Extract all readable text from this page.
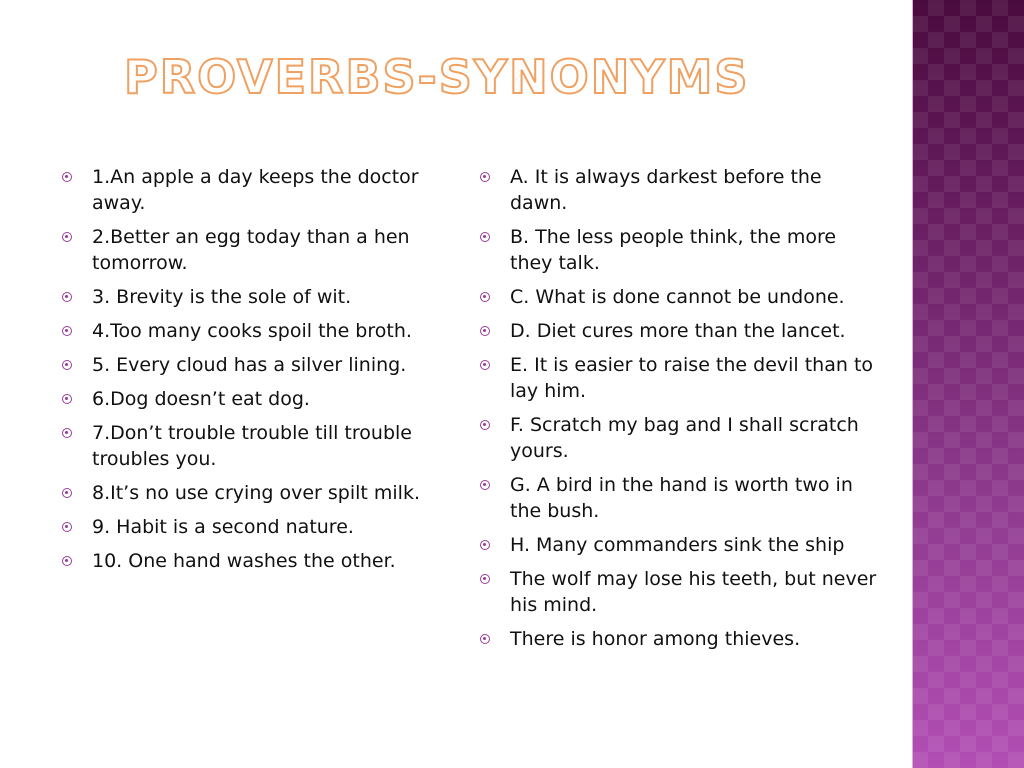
PROVERBS-SYNONYMS
1.An apple a day keeps the doctor away.
2.Better an egg today than a hen tomorrow.
3. Brevity is the sole of wit.
4.Too many cooks spoil the broth.
5. Every cloud has a silver lining.
6.Dog doesn’t eat dog.
7.Don’t trouble trouble till trouble troubles you.
8.It’s no use crying over spilt milk.
9. Habit is a second nature.
10. One hand washes the other.
A. It is always darkest before the dawn.
B. The less people think, the more they talk.
C. What is done cannot be undone.
D. Diet cures more than the lancet.
E. It is easier to raise the devil than to lay him.
F. Scratch my bag and I shall scratch yours.
G. A bird in the hand is worth two in the bush.
H. Many commanders sink the ship
The wolf may lose his teeth, but never his mind.
There is honor among thieves.
